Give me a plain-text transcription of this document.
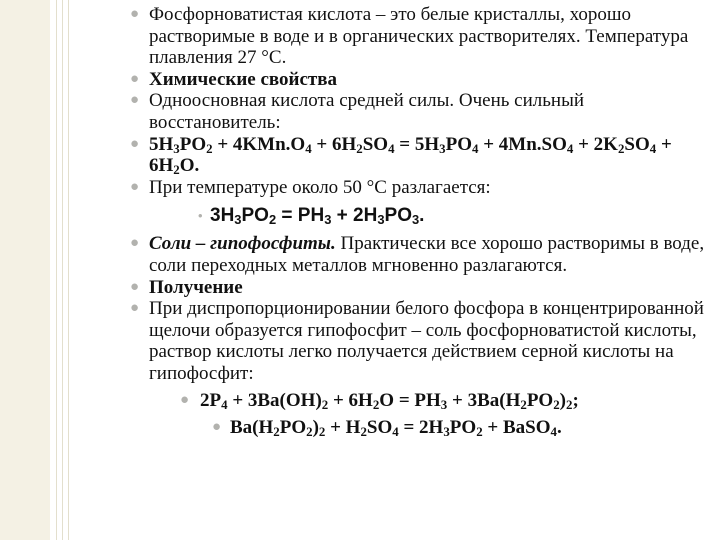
● Фосфорноватистая кислота – это белые кристаллы, хорошо растворимые в воде и в органических растворителях. Температура плавления 27 °С.

● Химические свойства

● Одноосновная кислота средней силы. Очень сильный восстановитель:

● $5H_3PO_2 + 4KMn.O_4 + 6H_2SO_4 = 5H_3PO_4 + 4Mn.SO_4 + 2K_2SO_4 + 6H_2O$.

● При температуре около 50 °С разлагается:

• $3H_3PO_2 = PH_3 + 2H_3PO_3$.

● Соли – гипофосфиты. Практически все хорошо растворимы в воде, соли переходных металлов мгновенно разлагаются.

● Получение

● При диспропорционировании белого фосфора в концентрированной щелочи образуется гипофосфит – соль фосфорноватистой кислоты, раствор кислоты легко получается действием серной кислоты на гипофосфит:

● $2P_4 + 3Ba(OH)_2 + 6H_2O = PH_3 + 3Ba(H_2PO_2)_2$;

● $Ba(H_2PO_2)_2 + H_2SO_4 = 2H_3PO_2$ + BaSO$_4$.
